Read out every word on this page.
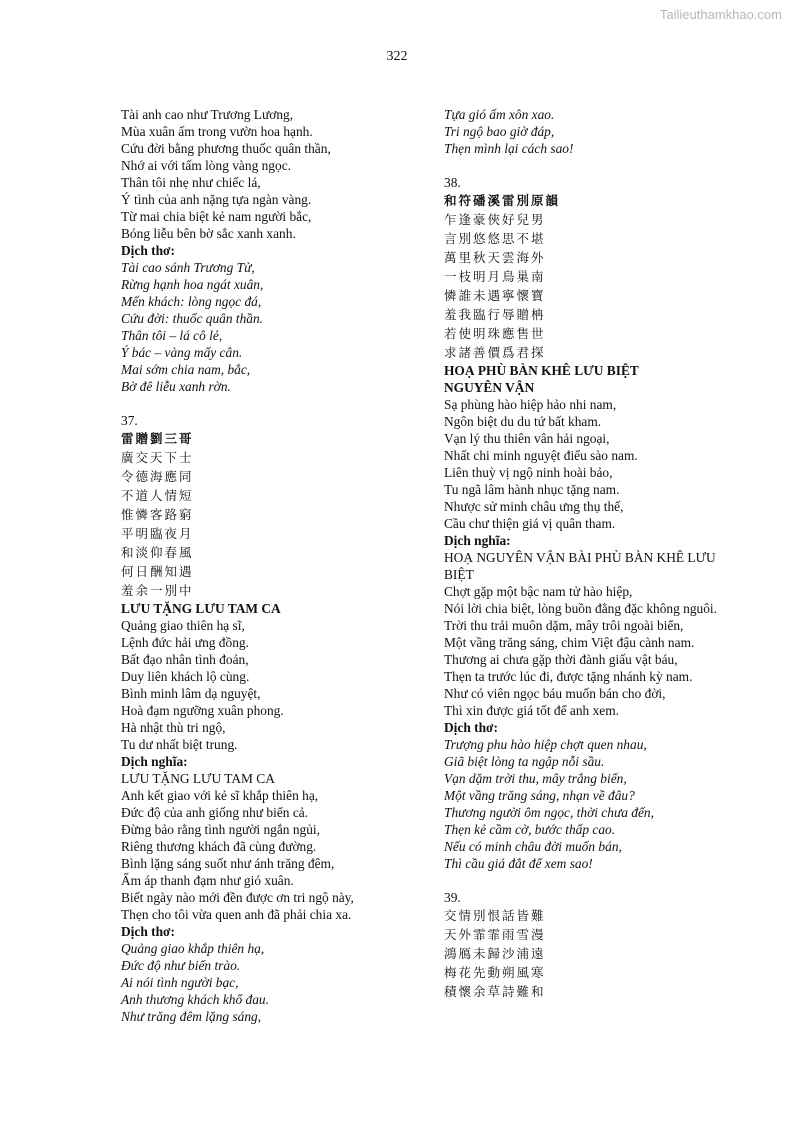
Tailieuthamkhao.com
322
Tài anh cao như Trương Lương,
Mùa xuân ấm trong vườn hoa hạnh.
Cứu đời bằng phương thuốc quân thần,
Nhớ ai với tấm lòng vàng ngọc.
Thân tôi nhẹ như chiếc lá,
Ý tình của anh nặng tựa ngàn vàng.
Từ mai chia biệt kẻ nam người bắc,
Bóng liễu bên bờ sắc xanh xanh.
Dịch thơ:
Tài cao sánh Trương Tử,
Rừng hạnh hoa ngát xuân,
Mến khách: lòng ngọc đá,
Cứu đời: thuốc quân thần.
Thân tôi – lá cô lẻ,
Ý bác – vàng mấy cân.
Mai sớm chia nam, bắc,
Bờ đê liễu xanh rờn.
37.
雷贈劉三哥
廣交天下士
令德海應同
不道人情短
惟憐客路窮
平明臨夜月
和淡仰春風
何日酬知遇
羞余一別中
LƯU TẶNG LƯU TAM CA
Quảng giao thiên hạ sĩ,
Lệnh đức hải ưng đồng.
Bất đạo nhân tình đoản,
Duy liên khách lộ cùng.
Bình minh lâm dạ nguyệt,
Hoà đạm ngưỡng xuân phong.
Hà nhật thù tri ngộ,
Tu dư nhất biệt trung.
Dịch nghĩa:
LƯU TẶNG LƯU TAM CA
Anh kết giao với kẻ sĩ khắp thiên hạ,
Đức độ của anh giống như biển cả.
Đừng bảo rằng tình người ngắn ngủi,
Riêng thương khách đã cùng đường.
Bình lặng sáng suốt như ánh trăng đêm,
Ấm áp thanh đạm như gió xuân.
Biết ngày nào mới đền được ơn tri ngộ này,
Thẹn cho tôi vừa quen anh đã phải chia xa.
Dịch thơ:
Quảng giao khắp thiên hạ,
Đức độ như biển trào.
Ai nói tình người bạc,
Anh thương khách khổ đau.
Như trăng đêm lặng sáng,
Tựa gió ấm xôn xao.
Tri ngộ bao giờ đáp,
Thẹn mình lại cách sao!
38.
和符磻溪雷別原韻
乍逢豪俠好兒男
言別悠悠思不堪
萬里秋天雲海外
一枝明月鳥巢南
憐誰未遇寧懷寶
羞我臨行辱贈柟
若使明珠應售世
求諸善價爲君探
HOẠ PHÙ BÀN KHÊ LƯU BIỆT
NGUYÊN VẬN
Sạ phùng hào hiệp hảo nhi nam,
Ngôn biệt du du tứ bất kham.
Vạn lý thu thiên vân hải ngoại,
Nhất chi minh nguyệt điểu sào nam.
Liên thuỳ vị ngộ ninh hoài bảo,
Tu ngã lâm hành nhục tặng nam.
Nhược sử minh châu ưng thụ thế,
Cầu chư thiện giá vị quân tham.
Dịch nghĩa:
HOẠ NGUYÊN VẬN BÀI PHÙ BÀN KHÊ LƯU BIỆT
Chợt gặp một bậc nam tử hào hiệp,
Nói lời chia biệt, lòng buồn đằng đặc không nguôi.
Trời thu trải muôn dặm, mây trôi ngoài biển,
Một vầng trăng sáng, chim Việt đậu cành nam.
Thương ai chưa gặp thời đành giấu vật báu,
Thẹn ta trước lúc đi, được tặng nhánh kỳ nam.
Như có viên ngọc báu muốn bán cho đời,
Thì xin được giá tốt để anh xem.
Dịch thơ:
Trượng phu hào hiệp chợt quen nhau,
Giã biệt lòng ta ngập nỗi sầu.
Vạn dặm trời thu, mây trắng biển,
Một vầng trăng sáng, nhạn về đâu?
Thương người ôm ngọc, thời chưa đến,
Thẹn kẻ cầm cờ, bước thấp cao.
Nếu có minh châu đời muốn bán,
Thì cầu giá đắt để xem sao!
39.
交情別恨話皆難
天外霏霏雨雪漫
鴻鴈未歸沙浦遠
梅花先動朔風寒
積懷余草詩難和
